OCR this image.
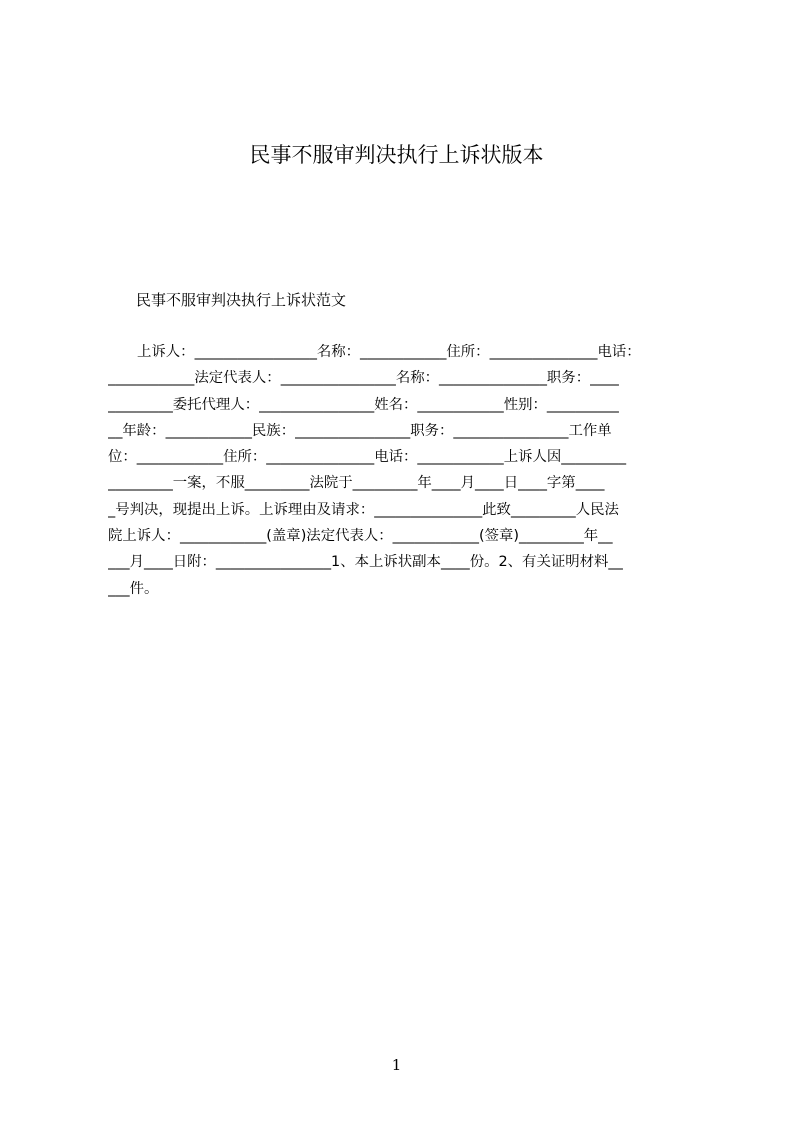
民事不服审判决执行上诉状版本

民事不服审判决执行上诉状范文

上诉人：_________________名称：____________住所：_______________电话：
____________法定代表人：________________名称：_______________职务：____
_________委托代理人：________________姓名：____________性别：__________
__年龄：____________民族：________________职务：________________工作单
位：____________住所：_______________电话：____________上诉人因_________
_________一案，不服_________法院于_________年____月____日____字第____
_号判决，现提出上诉。上诉理由及请求：_______________此致_________人民法
院上诉人：____________(盖章)法定代表人：____________(签章)_________年__
___月____日附：________________1、本上诉状副本____份。2、有关证明材料__
___件。

1
